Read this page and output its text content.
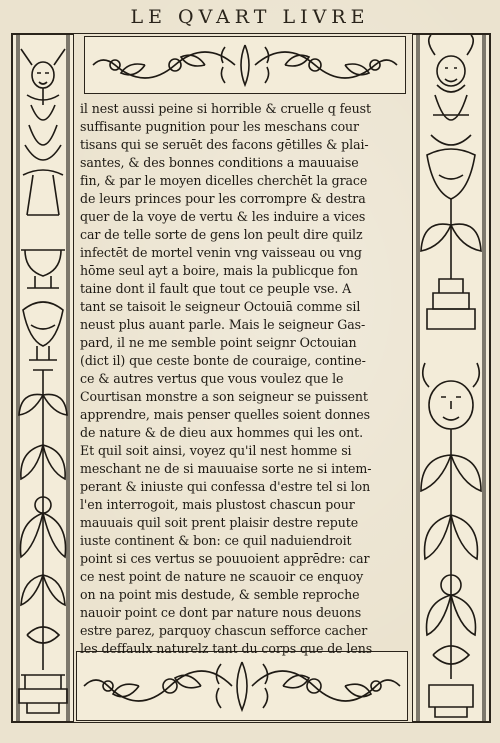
LE QVART LIVRE
il nest aussi peine si horrible & cruelle q feust
suffisante pugnition pour les meschans cour
tisans qui se seruēt des facons gētilles & plai-
santes, & des bonnes conditions a mauuaise
fin, & par le moyen dicelles cherchēt la grace
de leurs princes pour les corrompre & destra
quer de la voye de vertu & les induire a vices
car de telle sorte de gens lon peult dire quilz
infectēt de mortel venin vng vaisseau ou vng
hōme seul ayt a boire, mais la publicque fon
taine dont il fault que tout ce peuple vse. A
tant se taisoit le seigneur Octouiā comme sil
neust plus auant parle. Mais le seigneur Gas-
pard, il ne me semble point seignr Octouian
(dict il) que ceste bonte de couraige, contine-
ce & autres vertus que vous voulez que le
Courtisan monstre a son seigneur se puissent
apprendre, mais penser quelles soient donnes
de nature & de dieu aux hommes qui les ont.
Et quil soit ainsi, voyez qu'il nest homme si
meschant ne de si mauuaise sorte ne si intem-
perant & iniuste qui confessa d'estre tel si lon
l'en interrogoit, mais plustost chascun pour
mauuais quil soit prent plaisir destre repute
iuste continent & bon: ce quil naduiendroit
point si ces vertus se pouuoient apprēdre: car
ce nest point de nature ne scauoir ce enquoy
on na point mis destude, & semble reproche
nauoir point ce dont par nature nous deuons
estre parez, parquoy chascun sefforce cacher
les deffaulx naturelz tant du corps que de lens
